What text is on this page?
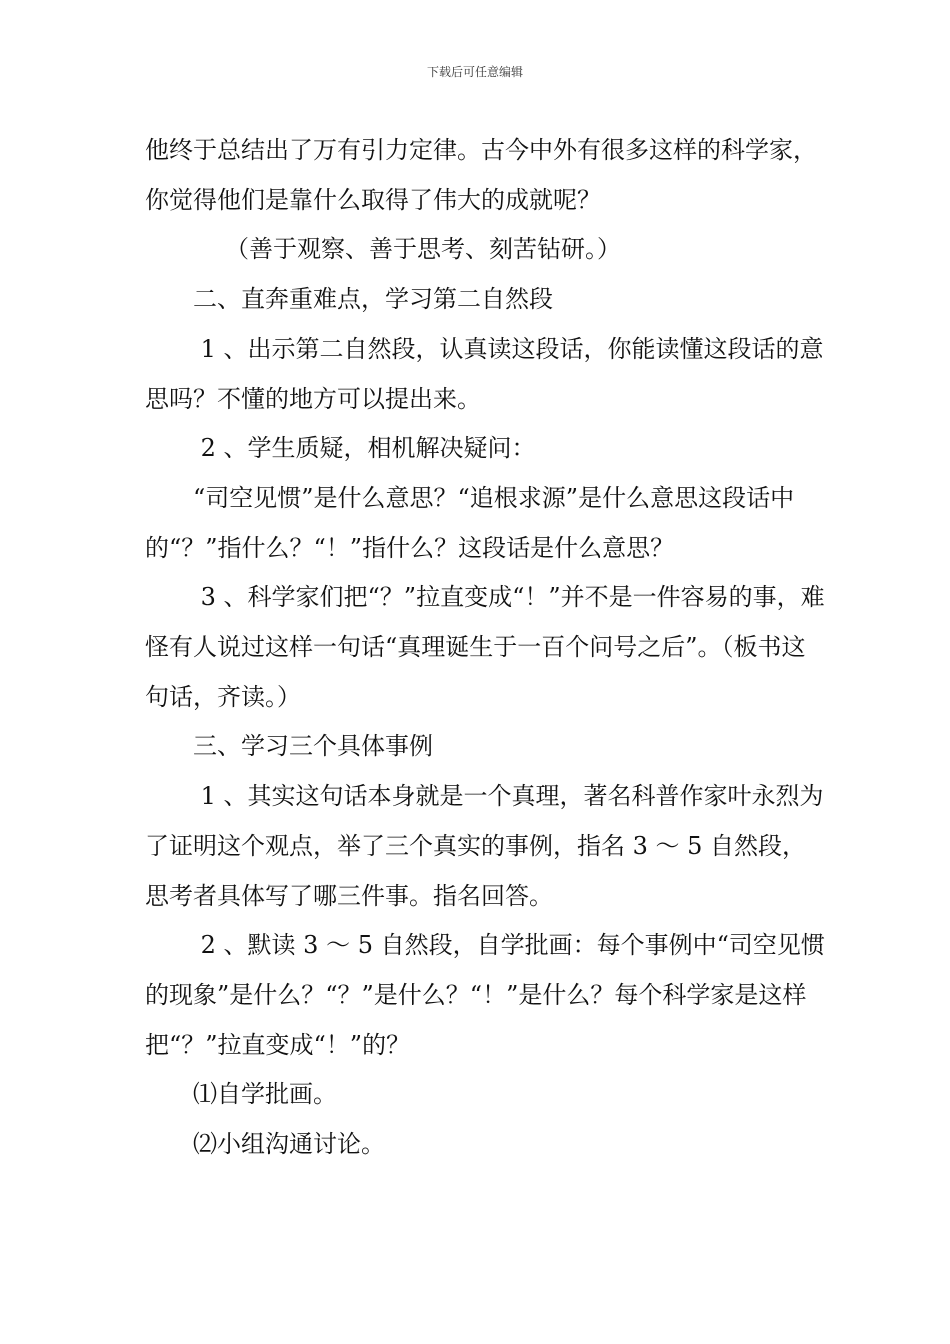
下载后可任意编辑

他终于总结出了万有引力定律。古今中外有很多这样的科学家，你觉得他们是靠什么取得了伟大的成就呢？

（善于观察、善于思考、刻苦钻研。）

二、直奔重难点，学习第二自然段

1 、出示第二自然段，认真读这段话，你能读懂这段话的意思吗？不懂的地方可以提出来。

2 、学生质疑，相机解决疑问：

“司空见惯”是什么意思？“追根求源”是什么意思这段话中的“？”指什么？“！”指什么？这段话是什么意思？

3 、科学家们把“？”拉直变成“！”并不是一件容易的事，难怪有人说过这样一句话“真理诞生于一百个问号之后”。（板书这句话，齐读。）

三、学习三个具体事例

1 、其实这句话本身就是一个真理，著名科普作家叶永烈为了证明这个观点，举了三个真实的事例，指名 3 ～ 5 自然段，思考者具体写了哪三件事。指名回答。

2 、默读 3 ～ 5 自然段，自学批画：每个事例中“司空见惯的现象”是什么？“？”是什么？“！”是什么？每个科学家是这样把“？”拉直变成“！”的？

⑴自学批画。

⑵小组沟通讨论。
